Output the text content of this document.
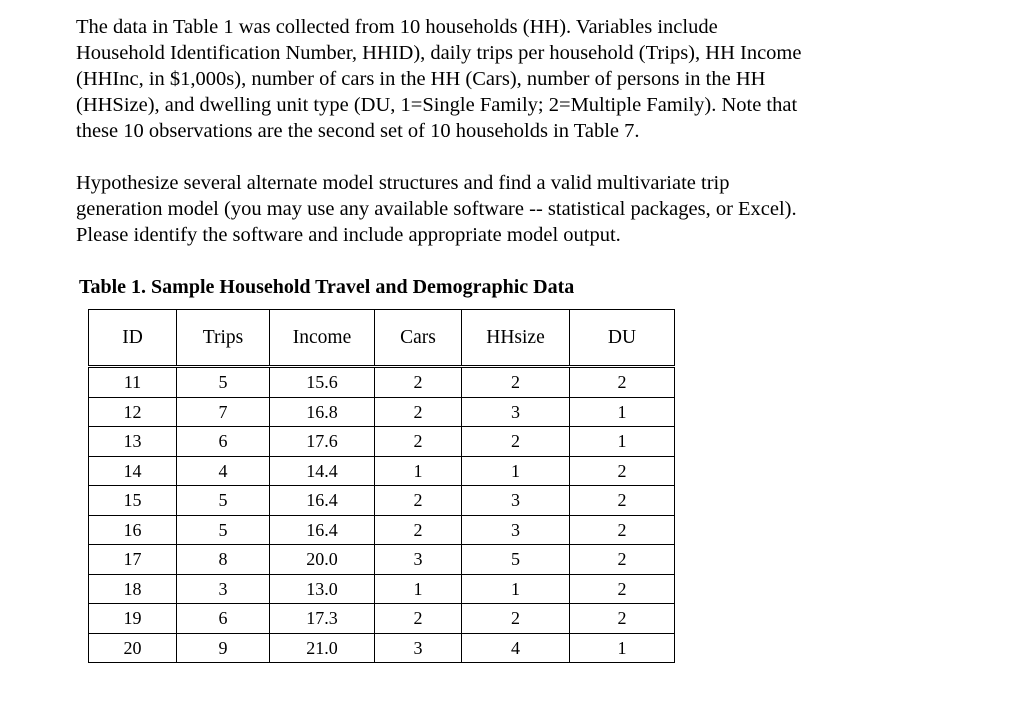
The data in Table 1 was collected from 10 households (HH). Variables include
Household Identification Number, HHID), daily trips per household (Trips), HH Income
(HHInc, in $1,000s), number of cars in the HH (Cars), number of persons in the HH
(HHSize), and dwelling unit type (DU, 1=Single Family; 2=Multiple Family). Note that
these 10 observations are the second set of 10 households in Table 7.

Hypothesize several alternate model structures and find a valid multivariate trip
generation model (you may use any available software -- statistical packages, or Excel).
Please identify the software and include appropriate model output.

Table 1. Sample Household Travel and Demographic Data

ID	Trips	Income	Cars	HHsize	DU
11	5	15.6	2	2	2
12	7	16.8	2	3	1
13	6	17.6	2	2	1
14	4	14.4	1	1	2
15	5	16.4	2	3	2
16	5	16.4	2	3	2
17	8	20.0	3	5	2
18	3	13.0	1	1	2
19	6	17.3	2	2	2
20	9	21.0	3	4	1
